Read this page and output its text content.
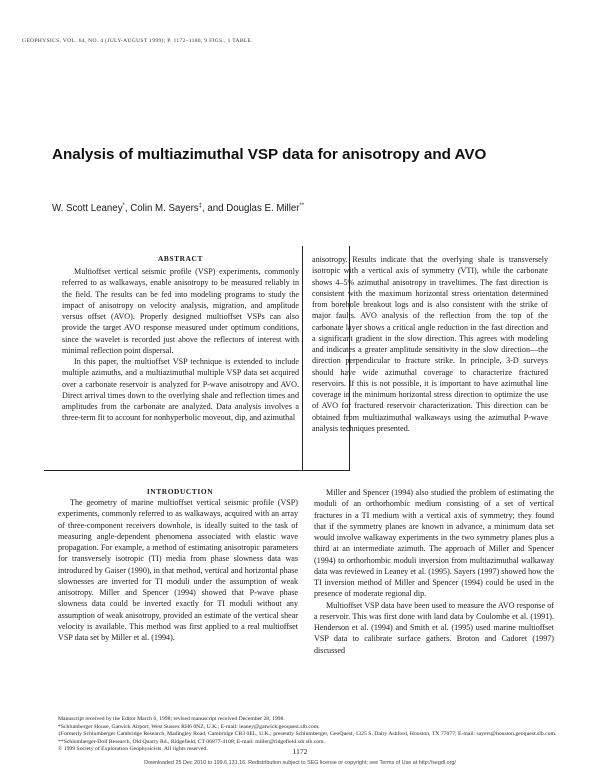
GEOPHYSICS, VOL. 64, NO. 4 (JULY-AUGUST 1999); P. 1172–1180, 9 FIGS., 1 TABLE.
Analysis of multiazimuthal VSP data for anisotropy and AVO
W. Scott Leaney*, Colin M. Sayers‡, and Douglas E. Miller**
ABSTRACT

Multioffset vertical seismic profile (VSP) experiments, commonly referred to as walkaways, enable anisotropy to be measured reliably in the field. The results can be fed into modeling programs to study the impact of anisotropy on velocity analysis, migration, and amplitude versus offset (AVO). Properly designed multioffset VSPs can also provide the target AVO response measured under optimum conditions, since the wavelet is recorded just above the reflectors of interest with minimal reflection point dispersal.

In this paper, the multioffset VSP technique is extended to include multiple azimuths, and a multiazimuthal multiple VSP data set acquired over a carbonate reservoir is analyzed for P-wave anisotropy and AVO. Direct arrival times down to the overlying shale and reflection times and amplitudes from the carbonate are analyzed. Data analysis involves a three-term fit to account for nonhyperbolic moveout, dip, and azimuthal

anisotropy. Results indicate that the overlying shale is transversely isotropic with a vertical axis of symmetry (VTI), while the carbonate shows 4–5% azimuthal anisotropy in traveltimes. The fast direction is consistent with the maximum horizontal stress orientation determined from borehole breakout logs and is also consistent with the strike of major faults. AVO analysis of the reflection from the top of the carbonate layer shows a critical angle reduction in the fast direction and a significant gradient in the slow direction. This agrees with modeling and indicates a greater amplitude sensitivity in the slow direction—the direction perpendicular to fracture strike. In principle, 3-D surveys should have wide azimuthal coverage to characterize fractured reservoirs. If this is not possible, it is important to have azimuthal line coverage in the minimum horizontal stress direction to optimize the use of AVO for fractured reservoir characterization. This direction can be obtained from multiazimuthal walkaways using the azimuthal P-wave analysis techniques presented.

INTRODUCTION

The geometry of marine multioffset vertical seismic profile (VSP) experiments, commonly referred to as walkaways, acquired with an array of three-component receivers downhole, is ideally suited to the task of measuring angle-dependent phenomena associated with elastic wave propagation. For example, a method of estimating anisotropic parameters for transversely isotropic (TI) media from phase slowness data was introduced by Gaiser (1990), in that method, vertical and horizontal phase slownesses are inverted for TI moduli under the assumption of weak anisotropy. Miller and Spencer (1994) showed that P-wave phase slowness data could be inverted exactly for TI moduli without any assumption of weak anisotropy, provided an estimate of the vertical shear velocity is available. This method was first applied to a real multioffset VSP data set by Miller et al. (1994).

Miller and Spencer (1994) also studied the problem of estimating the moduli of an orthorhombic medium consisting of a set of vertical fractures in a TI medium with a vertical axis of symmetry; they found that if the symmetry planes are known in advance, a minimum data set would involve walkaway experiments in the two symmetry planes plus a third at an intermediate azimuth. The approach of Miller and Spencer (1994) to orthorhombic moduli inversion from multiazimuthal walkaway data was reviewed in Leaney et al. (1995). Sayers (1997) showed how the TI inversion method of Miller and Spencer (1994) could be used in the presence of moderate regional dip.

Multioffset VSP data have been used to measure the AVO response of a reservoir. This was first done with land data by Coulombe et al. (1991). Henderson et al. (1994) and Smith et al. (1995) used marine multioffset VSP data to calibrate surface gathers. Broton and Cadoret (1997) discussed

Manuscript received by the Editor March 6, 1998; revised manuscript received December 28, 1998.
*Schlumberger House, Gatwick Airport, West Sussex RH6 0NZ, U.K.; E-mail: leaney@gatwick.geoquest.slb.com.
‡Formerly Schlumberger Cambridge Research, Madingley Road, Cambridge CB3 0EL, U.K.; presently Schlumberger, GeoQuest, 1325 S. Dairy Ashford, Houston, TX 77077; E-mail: sayers@houston.geoquest.slb.com.
**Schlumberger-Doll Research, Old Quarry Rd., Ridgefield, CT 06877-4108; E-mail: miller@ridgefield.sdr.slb.com.
© 1999 Society of Exploration Geophysicists. All rights reserved.	1172
Downloaded 25 Dec 2010 to 199.6.131.16. Redistribution subject to SEG license or copyright; see Terms of Use at http://segdl.org/
